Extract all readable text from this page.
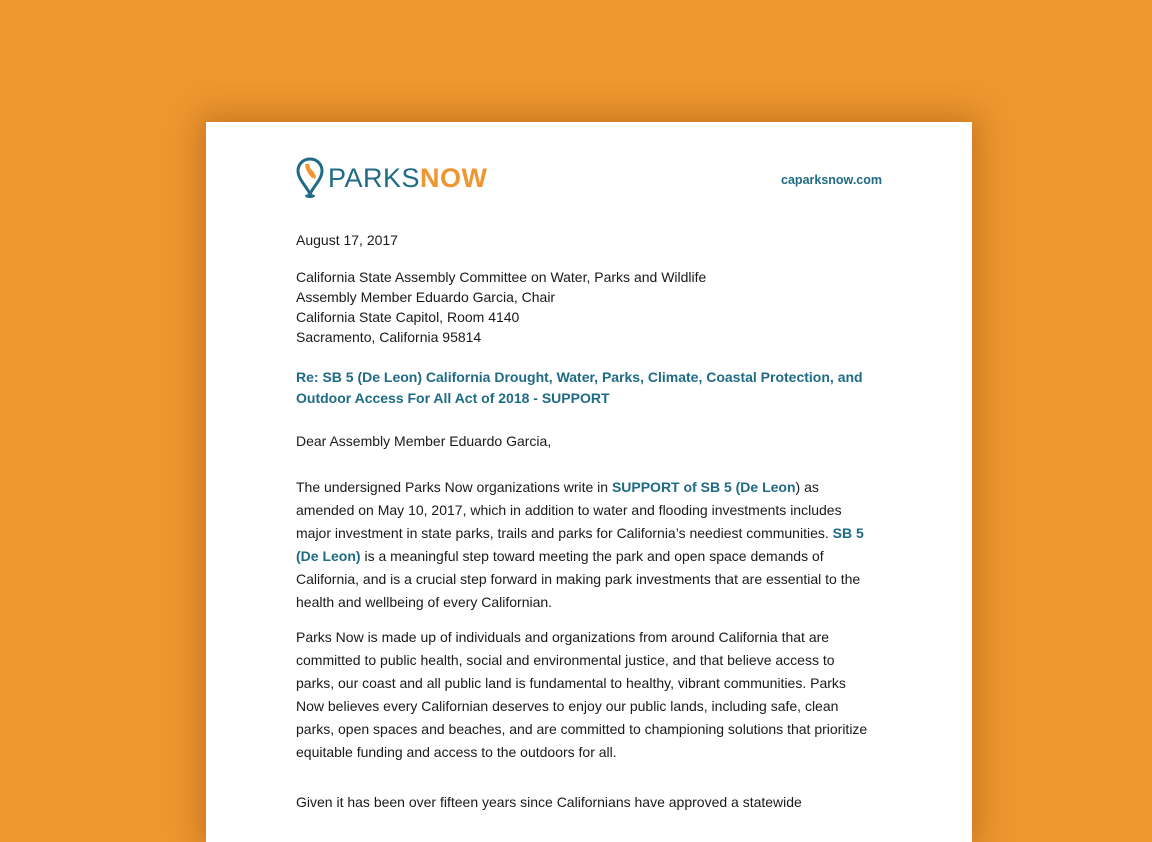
PARKSNOW	caparksnow.com
August 17, 2017
California State Assembly Committee on Water, Parks and Wildlife
Assembly Member Eduardo Garcia, Chair
California State Capitol, Room 4140
Sacramento, California 95814
Re: SB 5 (De Leon) California Drought, Water, Parks, Climate, Coastal Protection, and
Outdoor Access For All Act of 2018 - SUPPORT
Dear Assembly Member Eduardo Garcia,

The undersigned Parks Now organizations write in SUPPORT of SB 5 (De Leon) as amended on May 10, 2017, which in addition to water and flooding investments includes major investment in state parks, trails and parks for California’s neediest communities. SB 5 (De Leon) is a meaningful step toward meeting the park and open space demands of California, and is a crucial step forward in making park investments that are essential to the health and wellbeing of every Californian.

Parks Now is made up of individuals and organizations from around California that are committed to public health, social and environmental justice, and that believe access to parks, our coast and all public land is fundamental to healthy, vibrant communities. Parks Now believes every Californian deserves to enjoy our public lands, including safe, clean parks, open spaces and beaches, and are committed to championing solutions that prioritize equitable funding and access to the outdoors for all.

Given it has been over fifteen years since Californians have approved a statewide
